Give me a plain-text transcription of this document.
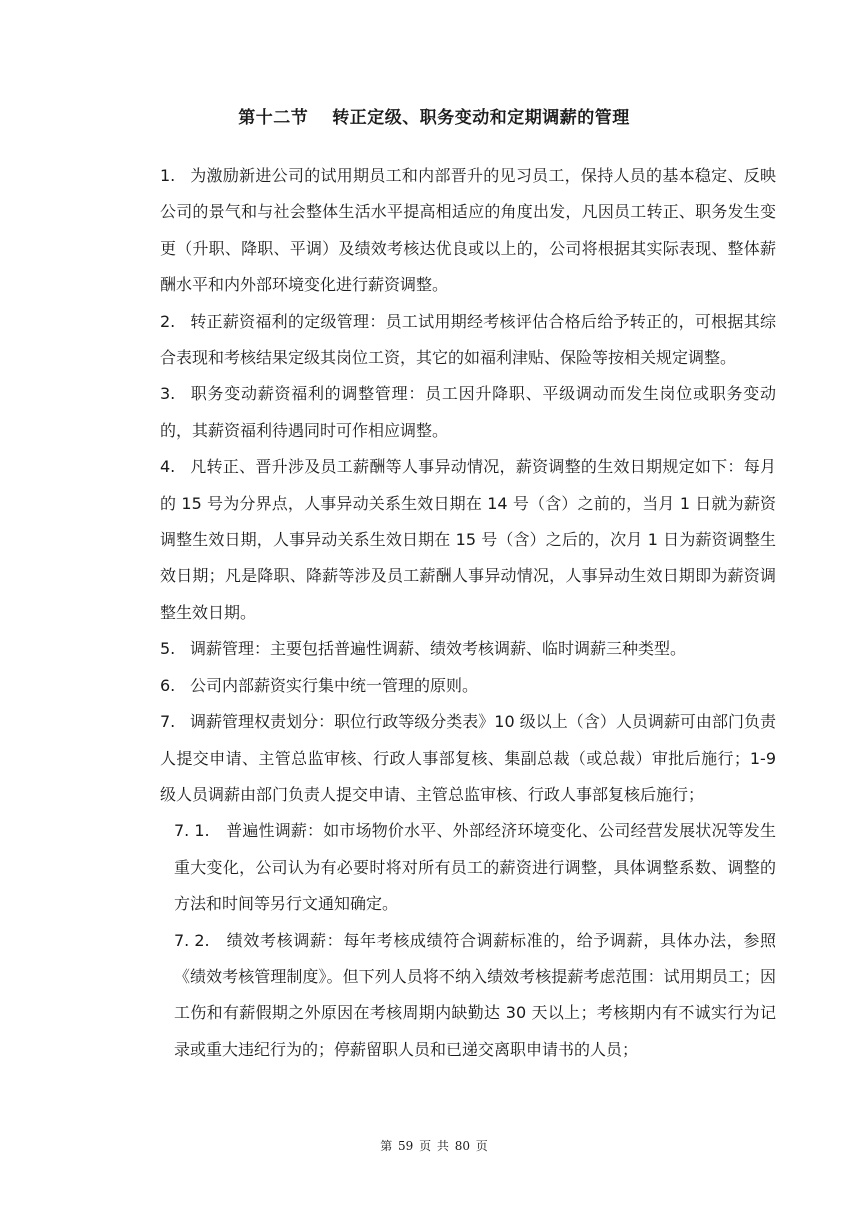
第十二节 转正定级、职务变动和定期调薪的管理

1. 为激励新进公司的试用期员工和内部晋升的见习员工，保持人员的基本稳定、反映公司的景气和与社会整体生活水平提高相适应的角度出发，凡因员工转正、职务发生变更（升职、降职、平调）及绩效考核达优良或以上的，公司将根据其实际表现、整体薪酬水平和内外部环境变化进行薪资调整。

2. 转正薪资福利的定级管理：员工试用期经考核评估合格后给予转正的，可根据其综合表现和考核结果定级其岗位工资，其它的如福利津贴、保险等按相关规定调整。

3. 职务变动薪资福利的调整管理：员工因升降职、平级调动而发生岗位或职务变动的，其薪资福利待遇同时可作相应调整。

4. 凡转正、晋升涉及员工薪酬等人事异动情况，薪资调整的生效日期规定如下：每月的 15 号为分界点，人事异动关系生效日期在 14 号（含）之前的，当月 1 日就为薪资调整生效日期，人事异动关系生效日期在 15 号（含）之后的，次月 1 日为薪资调整生效日期；凡是降职、降薪等涉及员工薪酬人事异动情况，人事异动生效日期即为薪资调整生效日期。

5. 调薪管理：主要包括普遍性调薪、绩效考核调薪、临时调薪三种类型。

6. 公司内部薪资实行集中统一管理的原则。

7. 调薪管理权责划分：职位行政等级分类表》10 级以上（含）人员调薪可由部门负责人提交申请、主管总监审核、行政人事部复核、集副总裁（或总裁）审批后施行；1-9 级人员调薪由部门负责人提交申请、主管总监审核、行政人事部复核后施行；

7. 1. 普遍性调薪：如市场物价水平、外部经济环境变化、公司经营发展状况等发生重大变化，公司认为有必要时将对所有员工的薪资进行调整，具体调整系数、调整的方法和时间等另行文通知确定。

7. 2. 绩效考核调薪：每年考核成绩符合调薪标准的，给予调薪，具体办法，参照《绩效考核管理制度》。但下列人员将不纳入绩效考核提薪考虑范围：试用期员工；因工伤和有薪假期之外原因在考核周期内缺勤达 30 天以上；考核期内有不诚实行为记录或重大违纪行为的；停薪留职人员和已递交离职申请书的人员；

第 59 页 共 80 页
